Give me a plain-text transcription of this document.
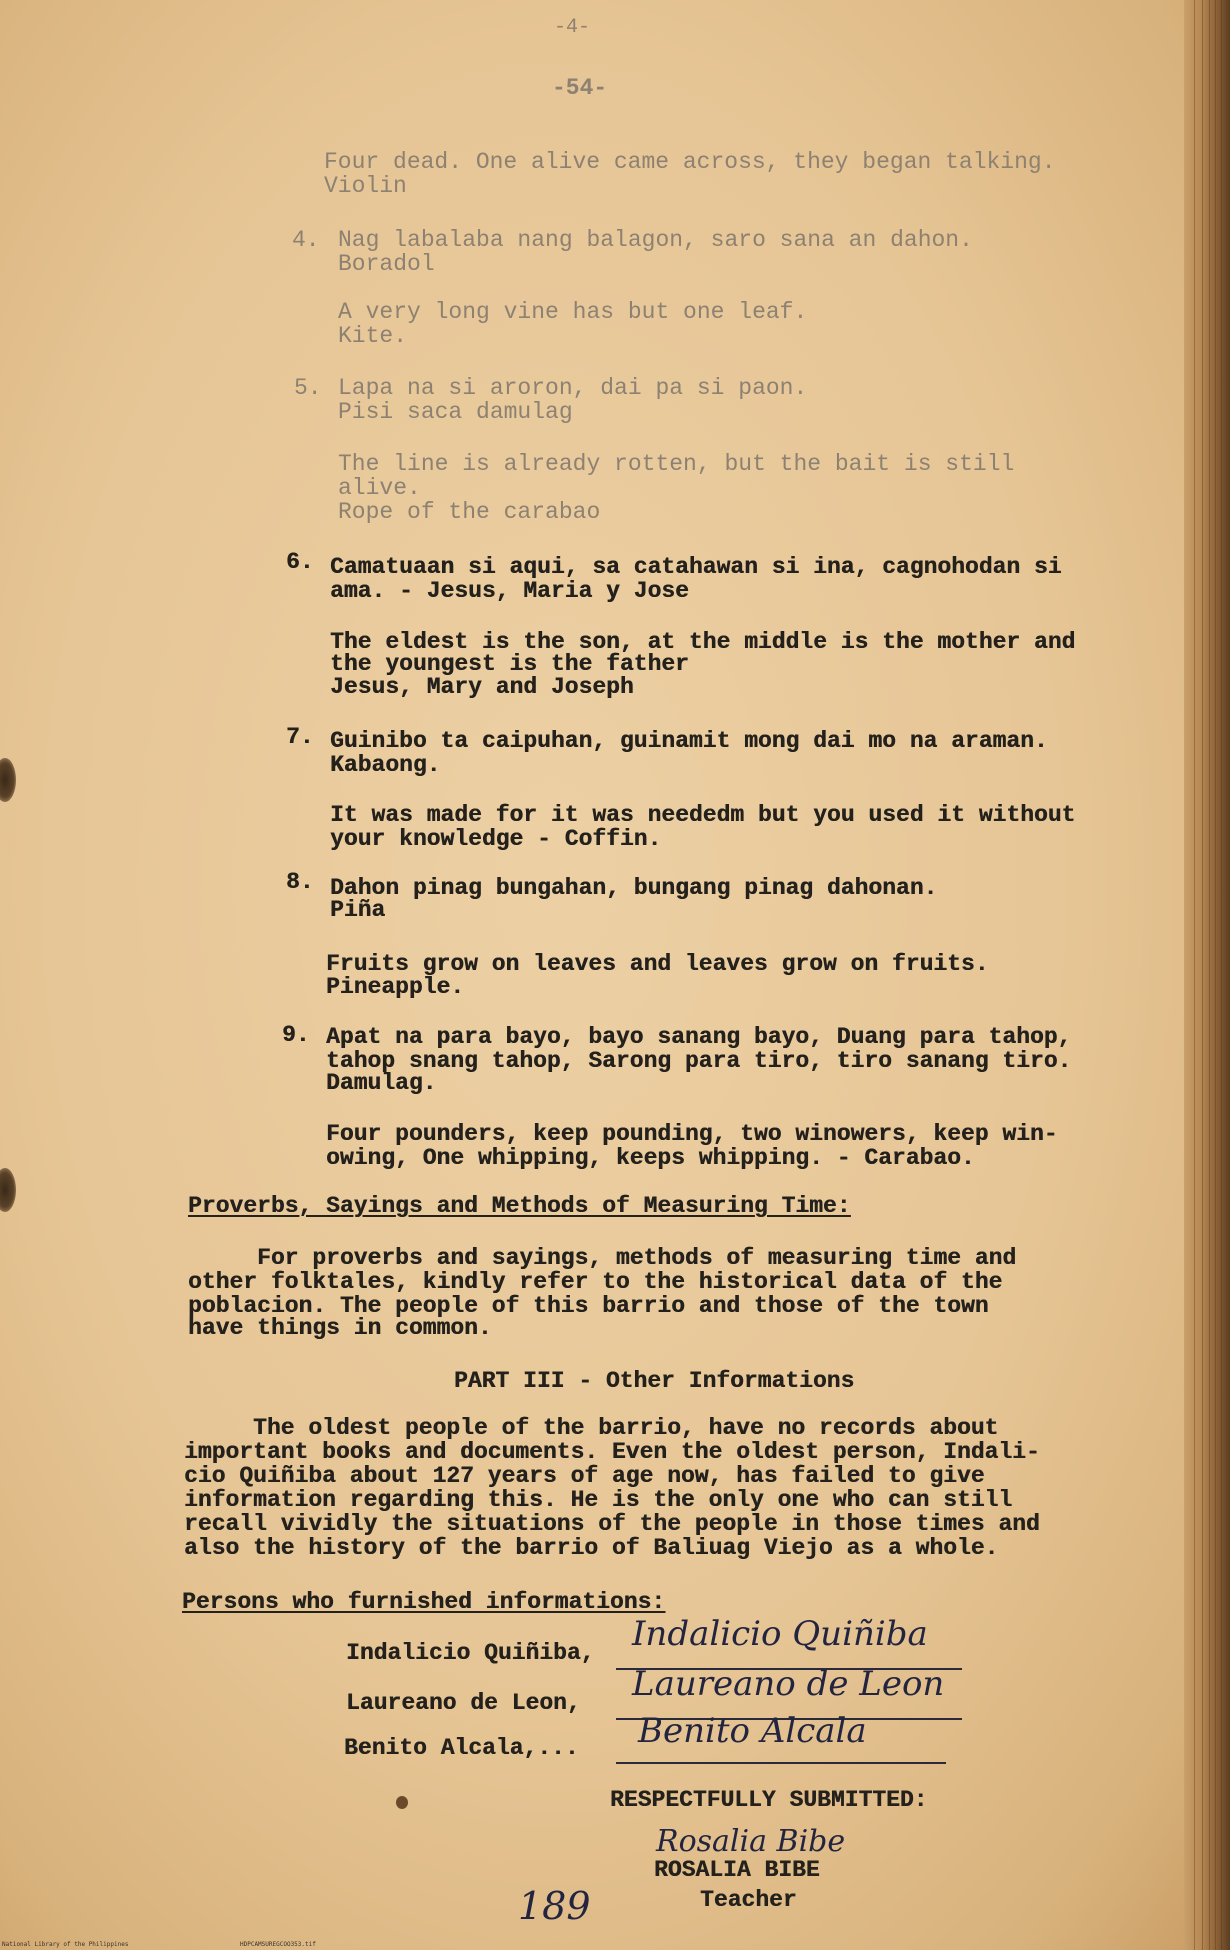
-4-

-54-

Four dead. One alive came across, they began talking.

Violin

4. Nag labalaba nang balagon, saro sana an dahon.

Boradol

A very long vine has but one leaf.

Kite.

5. Lapa na si aroron, dai pa si paon.

Pisi saca damulag

The line is already rotten, but the bait is still

alive.

Rope of the carabao

6. Camatuaan si aqui, sa catahawan si ina, cagnohodan si

ama. - Jesus, Maria y Jose

The eldest is the son, at the middle is the mother and

the youngest is the father

Jesus, Mary and Joseph

7. Guinibo ta caipuhan, guinamit mong dai mo na araman.

Kabaong.

It was made for it was neededm but you used it without

your knowledge - Coffin.

8. Dahon pinag bungahan, bungang pinag dahonan.

Piña

Fruits grow on leaves and leaves grow on fruits.

Pineapple.

9. Apat na para bayo, bayo sanang bayo, Duang para tahop,

tahop snang tahop, Sarong para tiro, tiro sanang tiro.

Damulag.

Four pounders, keep pounding, two winowers, keep win-

owing, One whipping, keeps whipping. - Carabao.

Proverbs, Sayings and Methods of Measuring Time:

For proverbs and sayings, methods of measuring time and

other folktales, kindly refer to the historical data of the

poblacion. The people of this barrio and those of the town

have things in common.

PART III - Other Informations

The oldest people of the barrio, have no records about

important books and documents. Even the oldest person, Indali-

cio Quiñiba about 127 years of age now, has failed to give

information regarding this. He is the only one who can still

recall vividly the situations of the people in those times and

also the history of the barrio of Baliuag Viejo as a whole.

Persons who furnished informations:

Indalicio Quiñiba, Indalicio Quiñiba

Laureano de Leon, Laureano de Leon

Benito Alcala,... Benito Alcala

RESPECTFULLY SUBMITTED:

Rosalia Bibe

ROSALIA BIBE

Teacher

189

National Library of the Philippines	HDPCAMSUREGCOO353.tif
